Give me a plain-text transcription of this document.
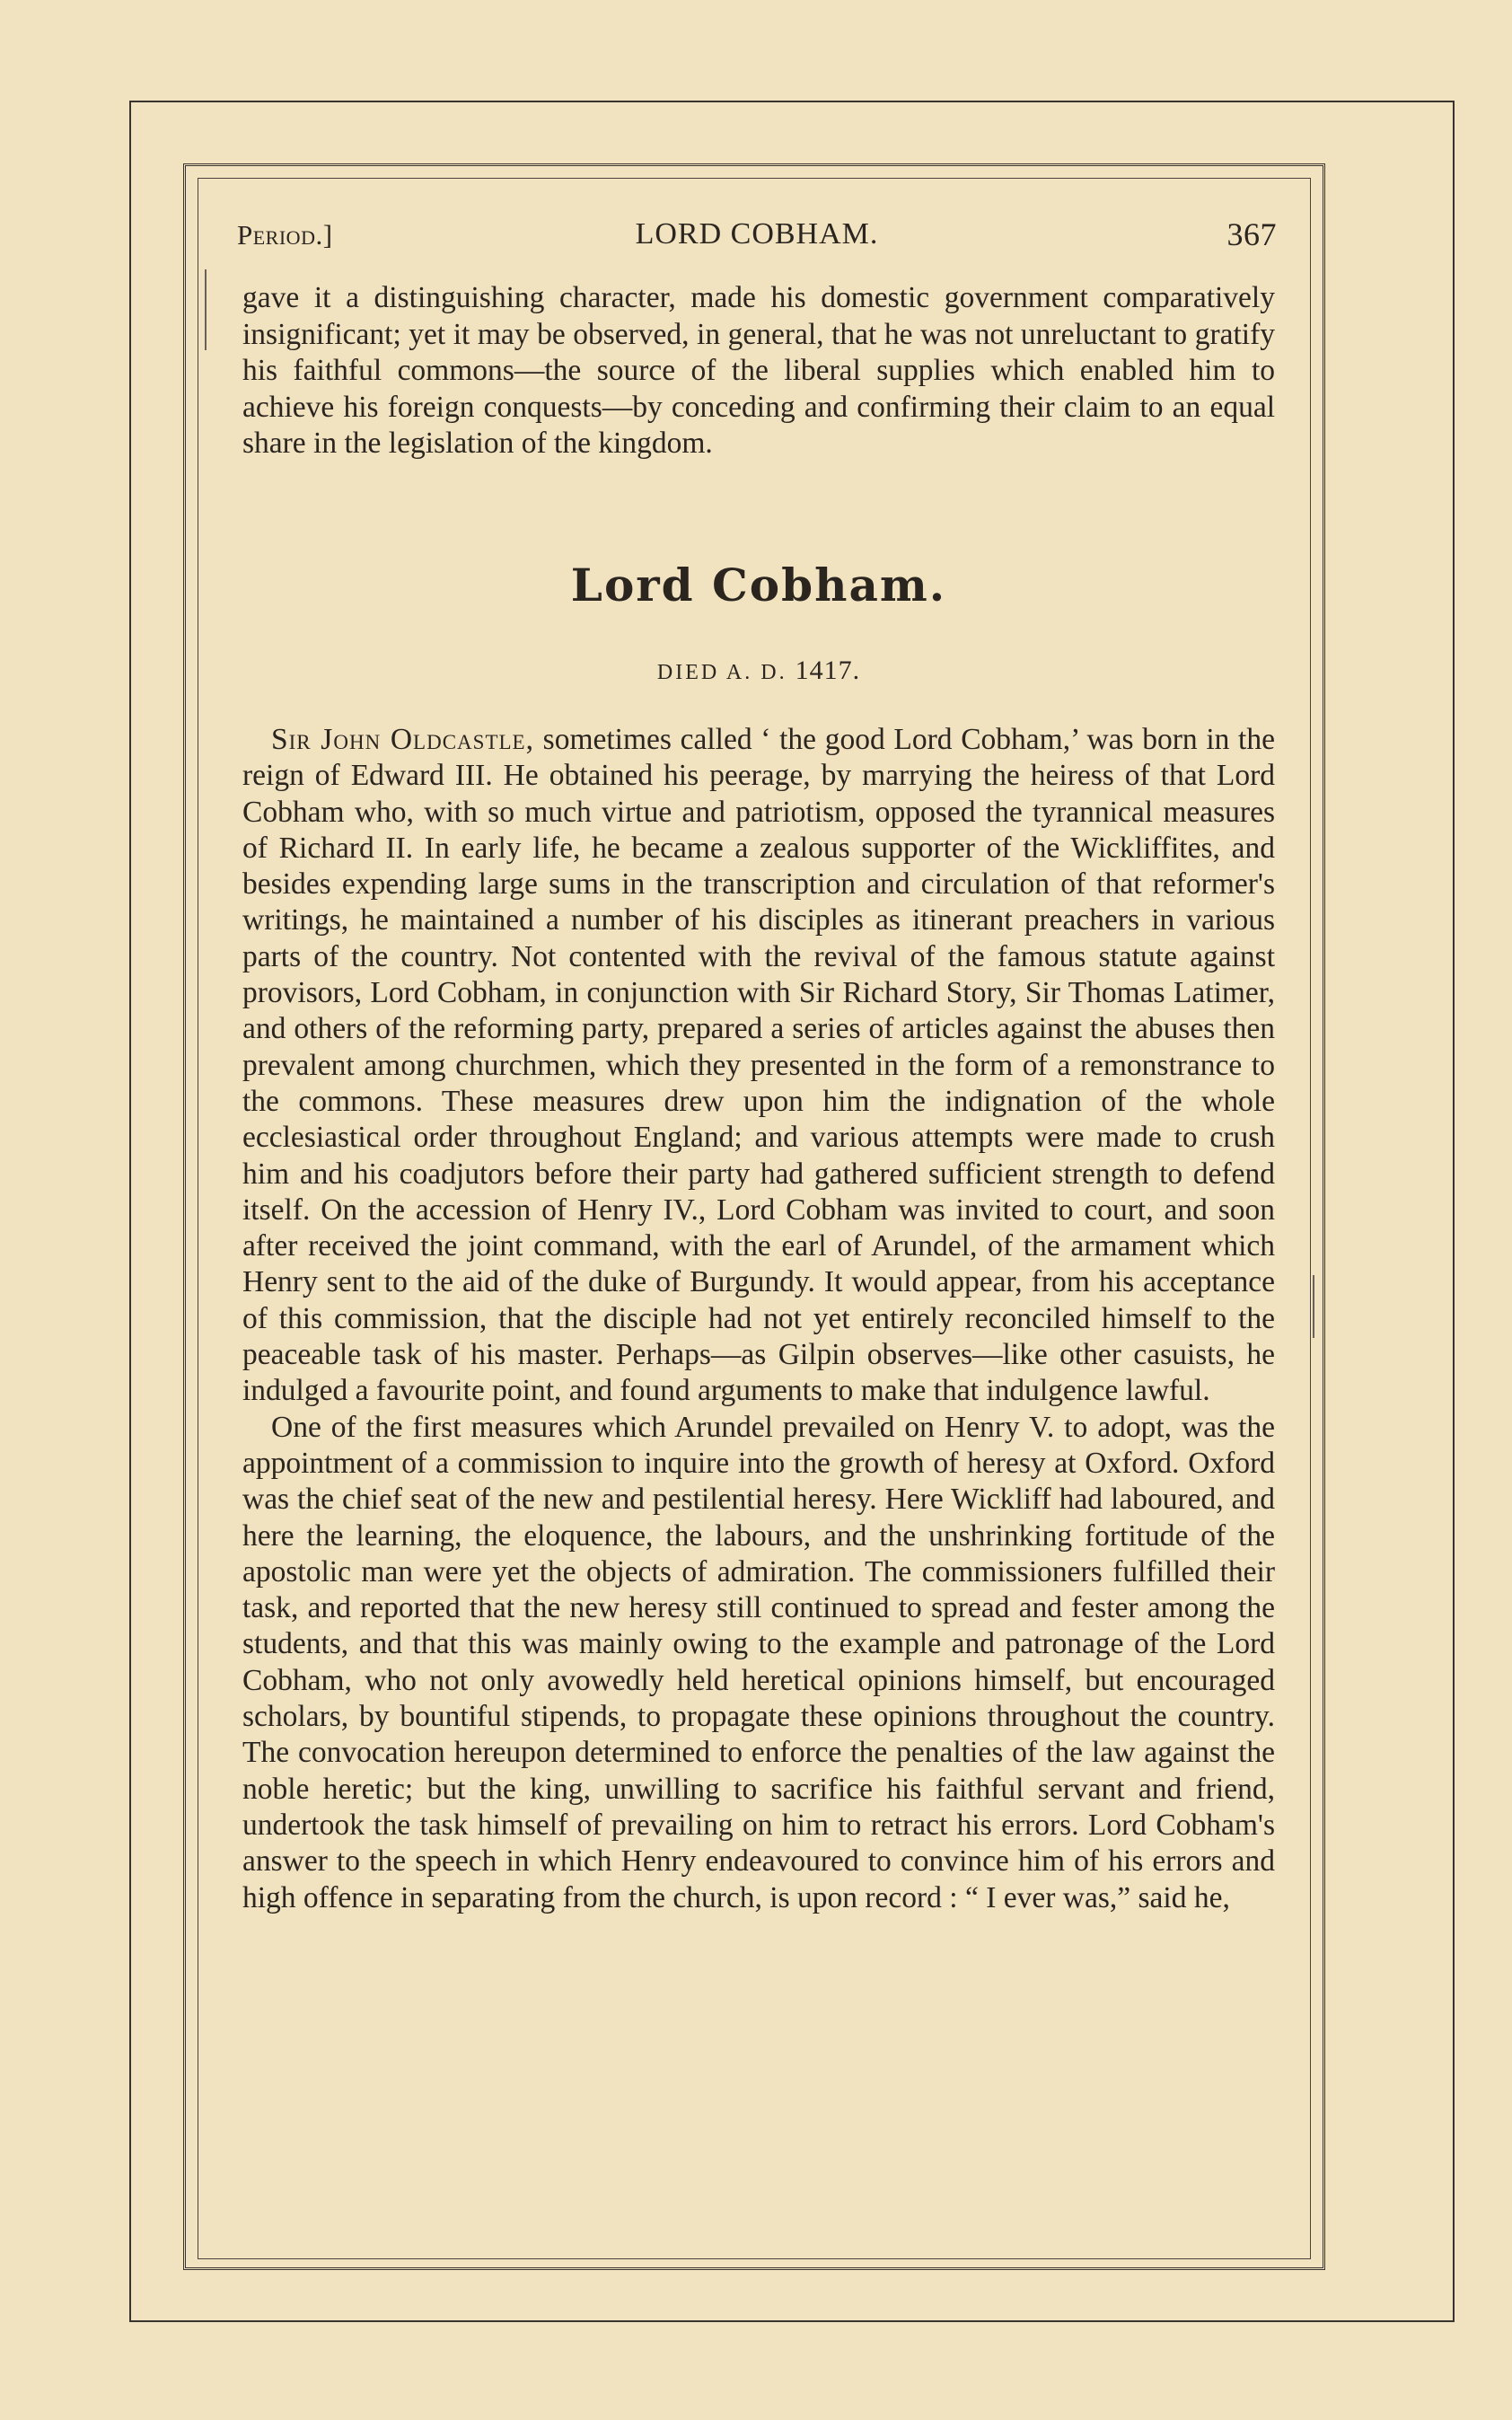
Period.]	LORD COBHAM.	367

gave it a distinguishing character, made his domestic government comparatively insignificant; yet it may be observed, in general, that he was not unreluctant to gratify his faithful commons—the source of the liberal supplies which enabled him to achieve his foreign conquests—by conceding and confirming their claim to an equal share in the legislation of the kingdom.

Lord Cobham.
DIED A. D. 1417.

Sir John Oldcastle, sometimes called ‘ the good Lord Cobham,’ was born in the reign of Edward III. He obtained his peerage, by marrying the heiress of that Lord Cobham who, with so much virtue and patriotism, opposed the tyrannical measures of Richard II. In early life, he became a zealous supporter of the Wickliffites, and besides expending large sums in the transcription and circulation of that reformer's writings, he maintained a number of his disciples as itinerant preachers in various parts of the country. Not contented with the revival of the famous statute against provisors, Lord Cobham, in conjunction with Sir Richard Story, Sir Thomas Latimer, and others of the reforming party, prepared a series of articles against the abuses then prevalent among churchmen, which they presented in the form of a remonstrance to the commons. These measures drew upon him the indignation of the whole ecclesiastical order throughout England; and various attempts were made to crush him and his coadjutors before their party had gathered sufficient strength to defend itself. On the accession of Henry IV., Lord Cobham was invited to court, and soon after received the joint command, with the earl of Arundel, of the armament which Henry sent to the aid of the duke of Burgundy. It would appear, from his acceptance of this commission, that the disciple had not yet entirely reconciled himself to the peaceable task of his master. Perhaps—as Gilpin observes—like other casuists, he indulged a favourite point, and found arguments to make that indulgence lawful.

One of the first measures which Arundel prevailed on Henry V. to adopt, was the appointment of a commission to inquire into the growth of heresy at Oxford. Oxford was the chief seat of the new and pestilential heresy. Here Wickliff had laboured, and here the learning, the eloquence, the labours, and the unshrinking fortitude of the apostolic man were yet the objects of admiration. The commissioners fulfilled their task, and reported that the new heresy still continued to spread and fester among the students, and that this was mainly owing to the example and patronage of the Lord Cobham, who not only avowedly held heretical opinions himself, but encouraged scholars, by bountiful stipends, to propagate these opinions throughout the country. The convocation hereupon determined to enforce the penalties of the law against the noble heretic; but the king, unwilling to sacrifice his faithful servant and friend, undertook the task himself of prevailing on him to retract his errors. Lord Cobham's answer to the speech in which Henry endeavoured to convince him of his errors and high offence in separating from the church, is upon record : “ I ever was,” said he,
